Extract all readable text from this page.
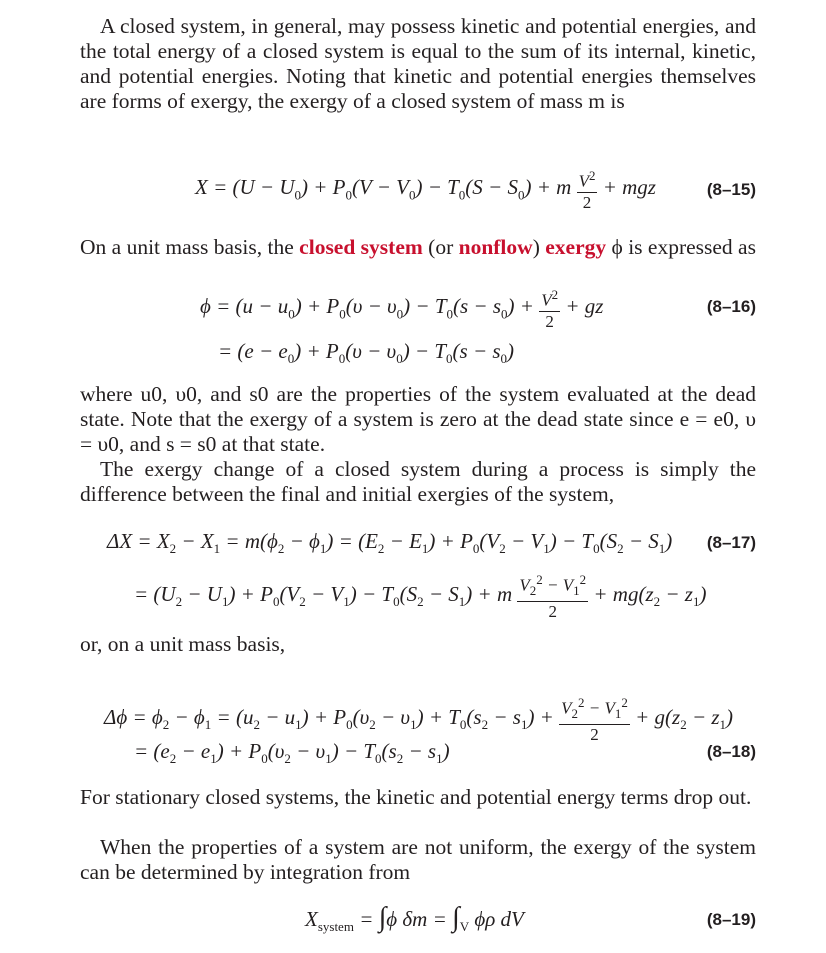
A closed system, in general, may possess kinetic and potential energies, and the total energy of a closed system is equal to the sum of its internal, kinetic, and potential energies. Noting that kinetic and potential energies themselves are forms of exergy, the exergy of a closed system of mass m is

$X = (U - U_0) + P_0(V - V_0) - T_0(S - S_0) + m \frac{V^2}{2}$ + mgz	(8–15)

On a unit mass basis, the closed system (or nonflow) exergy ϕ is expressed as

$\phi = (u - u_0) + P_0(\upsilon - \upsilon_0) - T_0(s - s_0) + \frac{V^2}{2}$ + gz	(8–16)
= $(e - e_0) + P_0(\upsilon - \upsilon_0) - T_0(s - s_0)$

where u0, υ0, and s0 are the properties of the system evaluated at the dead state. Note that the exergy of a system is zero at the dead state since e = e0, υ = υ0, and s = s0 at that state.

The exergy change of a closed system during a process is simply the difference between the final and initial exergies of the system,

$\Delta X = X_2 - X_1 = m(\phi_2 - \phi_1) = (E_2 - E_1) + P_0(V_2 - V_1) - T_0(S_2 - S_1)$ (8–17)
= $(U_2 - U_1) + P_0(V_2 - V_1) - T_0(S_2 - S_1) + m \frac{V_2^2 - V_1^2}{2} + mg(z_2 - z_1)$

or, on a unit mass basis,

$\Delta\phi = \phi_2 - \phi_1 = (u_2 - u_1) + P_0(\upsilon_2 - \upsilon_1) + T_0(s_2 - s_1) + \frac{V_2^2 - V_1^2}{2} + g(z_2 - z_1)$
= $(e_2 - e_1) + P_0(\upsilon_2 - \upsilon_1) - T_0(s_2 - s_1)$	(8–18)

For stationary closed systems, the kinetic and potential energy terms drop out.

When the properties of a system are not uniform, the exergy of the system can be determined by integration from

$X_{system} = \int\phi$ $\delta m = \int_V$ ϕρ dV	(8–19)
